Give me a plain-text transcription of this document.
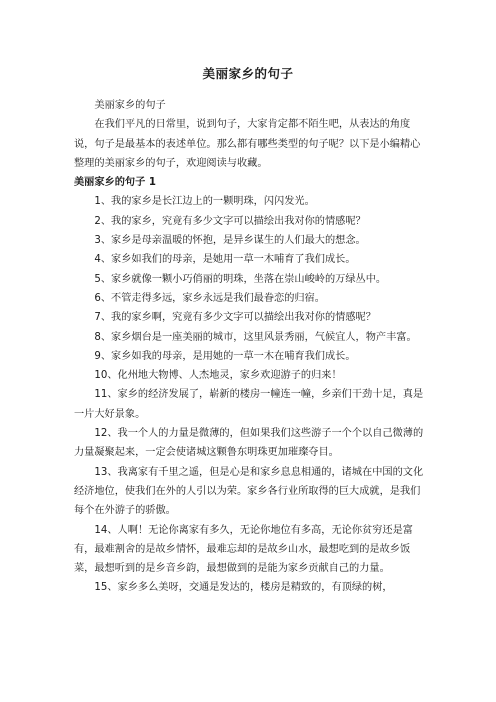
美丽家乡的句子

美丽家乡的句子

在我们平凡的日常里，说到句子，大家肯定都不陌生吧，从表达的角度说，句子是最基本的表述单位。那么都有哪些类型的句子呢？以下是小编精心整理的美丽家乡的句子，欢迎阅读与收藏。

美丽家乡的句子 1

1、我的家乡是长江边上的一颗明珠，闪闪发光。

2、我的家乡，究竟有多少文字可以描绘出我对你的情感呢？

3、家乡是母亲温暖的怀抱，是异乡谋生的人们最大的想念。

4、家乡如我们的母亲，是她用一草一木哺育了我们成长。

5、家乡就像一颗小巧俏丽的明珠，坐落在崇山峻岭的万绿丛中。

6、不管走得多远，家乡永远是我们最眷恋的归宿。

7、我的家乡啊，究竟有多少文字可以描绘出我对你的情感呢？

8、家乡烟台是一座美丽的城市，这里风景秀丽，气候宜人，物产丰富。

9、家乡如我的母亲，是用她的一草一木在哺育我们成长。

10、化州地大物博、人杰地灵，家乡欢迎游子的归来！

11、家乡的经济发展了，崭新的楼房一幢连一幢，乡亲们干劲十足，真是一片大好景象。

12、我一个人的力量是微薄的，但如果我们这些游子一个个以自己微薄的力量凝聚起来，一定会使诸城这颗鲁东明珠更加璀璨夺目。

13、我离家有千里之遥，但是心是和家乡息息相通的，诸城在中国的文化经济地位，使我们在外的人引以为荣。家乡各行业所取得的巨大成就，是我们每个在外游子的骄傲。

14、人啊！无论你离家有多久，无论你地位有多高，无论你贫穷还是富有，最难割舍的是故乡情怀，最难忘却的是故乡山水，最想吃到的是故乡饭菜，最想听到的是乡音乡韵，最想做到的是能为家乡贡献自己的力量。

15、家乡多么美呀，交通是发达的，楼房是精致的，有顶绿的树，
